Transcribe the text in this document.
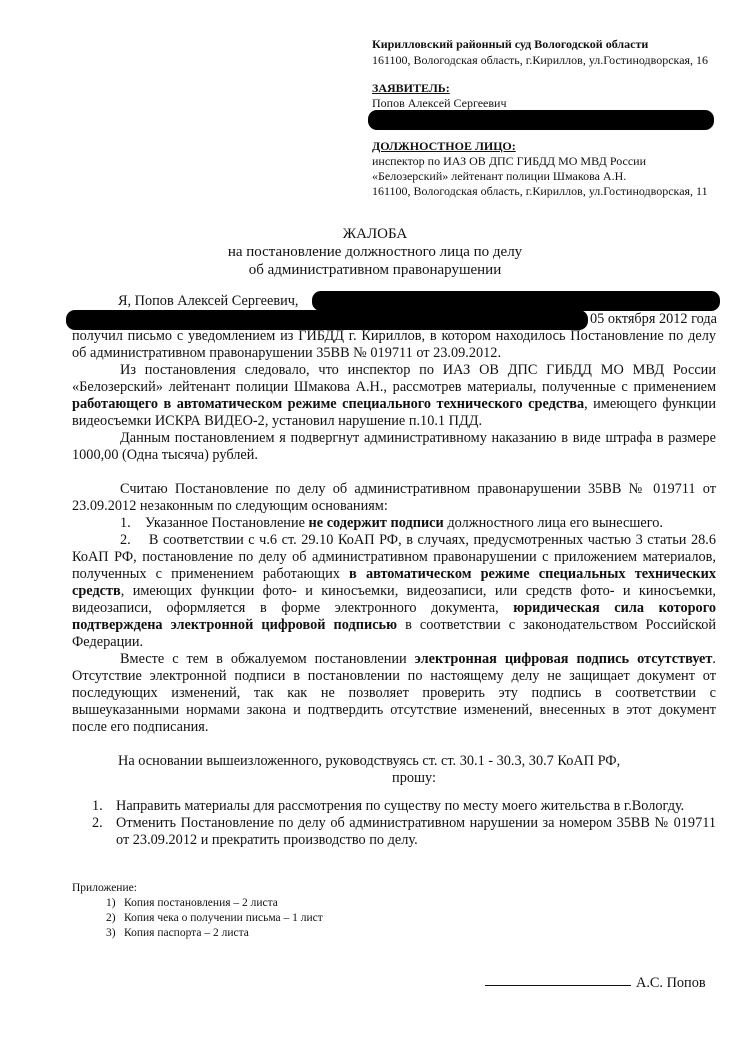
Кирилловский районный суд Вологодской области
161100, Вологодская область, г.Кириллов, ул.Гостинодворская, 16
ЗАЯВИТЕЛЬ:
Попов Алексей Сергеевич
ДОЛЖНОСТНОЕ ЛИЦО:
инспектор по ИАЗ ОВ ДПС ГИБДД МО МВД России
«Белозерский» лейтенант полиции Шмакова А.Н.
161100, Вологодская область, г.Кириллов, ул.Гостинодворская, 11
ЖАЛОБА
на постановление должностного лица по делу
об административном правонарушении
Я, Попов Алексей Сергеевич,
05 октября 2012 года

получил письмо с уведомлением из ГИБДД г. Кириллов, в котором находилось Постановление по делу об административном правонарушении 35ВВ № 019711 от 23.09.2012.

Из постановления следовало, что инспектор по ИАЗ ОВ ДПС ГИБДД МО МВД России «Белозерский» лейтенант полиции Шмакова А.Н., рассмотрев материалы, полученные с применением работающего в автоматическом режиме специального технического средства, имеющего функции видеосъемки ИСКРА ВИДЕО-2, установил нарушение п.10.1 ПДД.

Данным постановлением я подвергнут административному наказанию в виде штрафа в размере 1000,00 (Одна тысяча) рублей.

Считаю Постановление по делу об административном правонарушении 35ВВ № 019711 от 23.09.2012 незаконным по следующим основаниям:

1. Указанное Постановление не содержит подписи должностного лица его вынесшего.

2. В соответствии с ч.6 ст. 29.10 КоАП РФ, в случаях, предусмотренных частью 3 статьи 28.6 КоАП РФ, постановление по делу об административном правонарушении с приложением материалов, полученных с применением работающих в автоматическом режиме специальных технических средств, имеющих функции фото- и киносъемки, видеозаписи, или средств фото- и киносъемки, видеозаписи, оформляется в форме электронного документа, юридическая сила которого подтверждена электронной цифровой подписью в соответствии с законодательством Российской Федерации.

Вместе с тем в обжалуемом постановлении электронная цифровая подпись отсутствует. Отсутствие электронной подписи в постановлении по настоящему делу не защищает документ от последующих изменений, так как не позволяет проверить эту подпись в соответствии с вышеуказанными нормами закона и подтвердить отсутствие изменений, внесенных в этот документ после его подписания.

На основании вышеизложенного, руководствуясь ст. ст. 30.1 - 30.3, 30.7 КоАП РФ,

прошу:

1. Направить материалы для рассмотрения по существу по месту моего жительства в г.Вологду.

2. Отменить Постановление по делу об административном нарушении за номером 35ВВ № 019711 от 23.09.2012 и прекратить производство по делу.

Приложение:
1) Копия постановления – 2 листа
2) Копия чека о получении письма – 1 лист
3) Копия паспорта – 2 листа
А.С. Попов
